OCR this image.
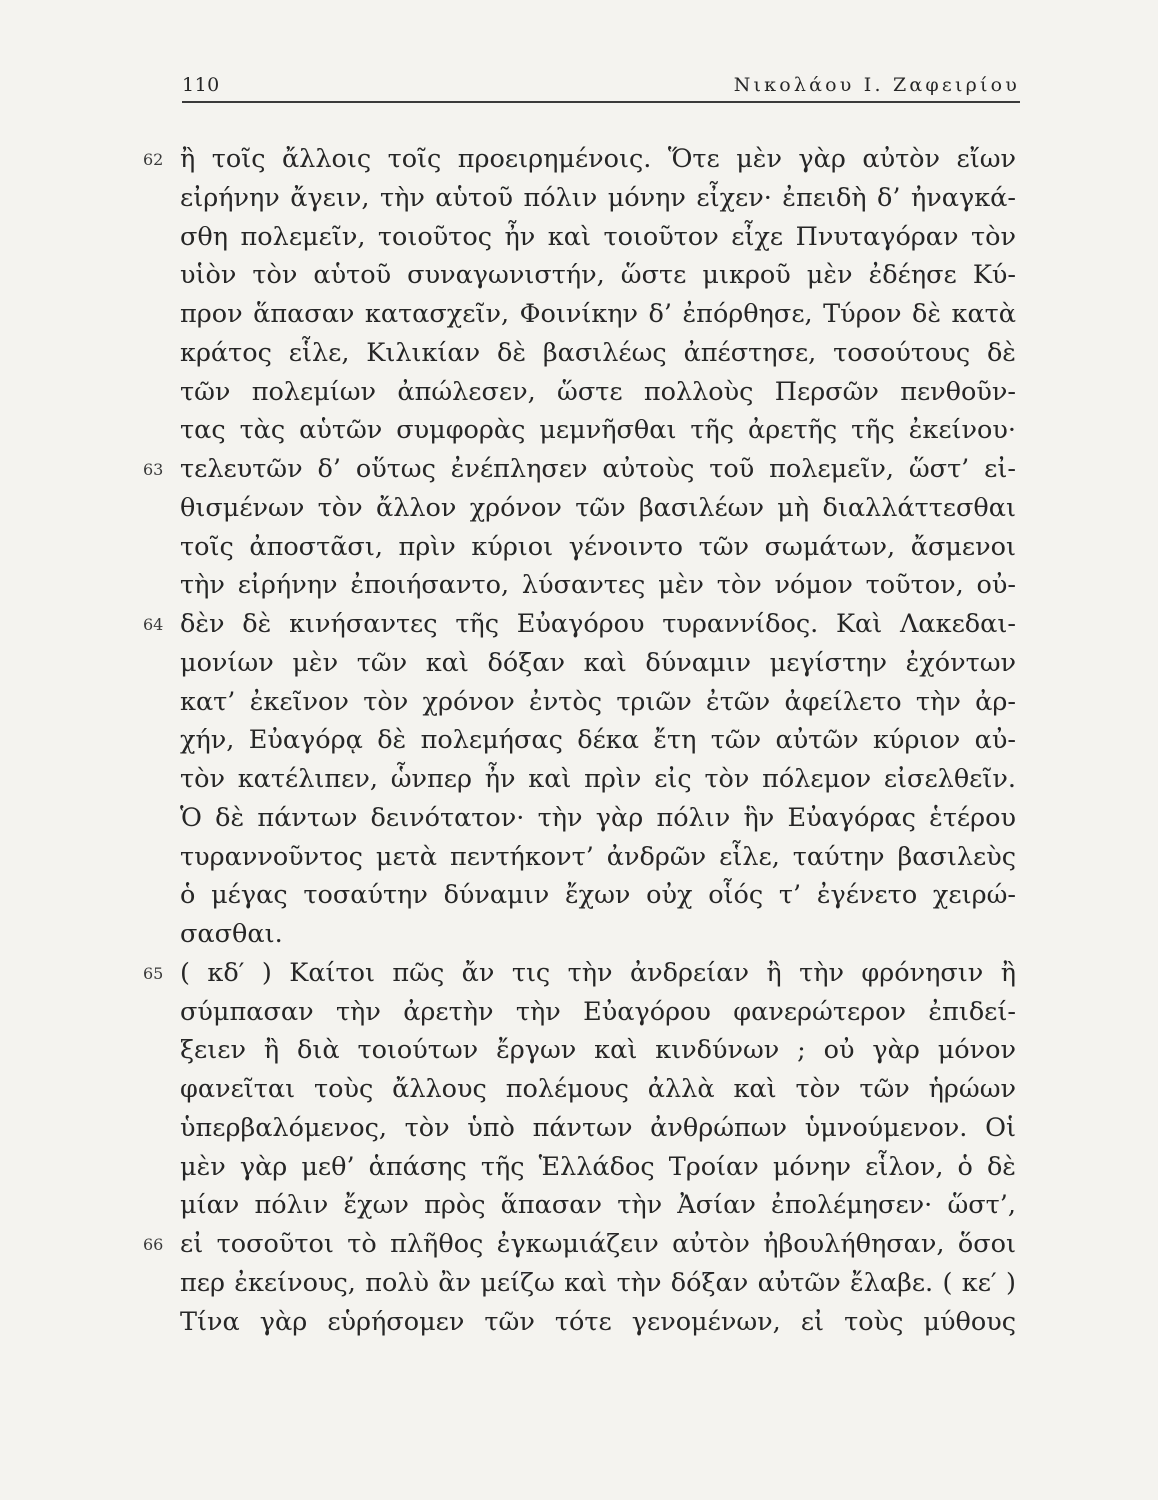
110	Νικολάου Ι. Ζαφειρίου
ἢ τοῖς ἄλλοις τοῖς προειρημένοις. Ὅτε μὲν γὰρ αὐτὸν εἴων
εἰρήνην ἄγειν, τὴν αὑτοῦ πόλιν μόνην εἶχεν· ἐπειδὴ δ’ ἠναγκά-
σθη πολεμεῖν, τοιοῦτος ἦν καὶ τοιοῦτον εἶχε Πνυταγόραν τὸν
υἱὸν τὸν αὑτοῦ συναγωνιστήν, ὥστε μικροῦ μὲν ἐδέησε Κύ-
προν ἅπασαν κατασχεῖν, Φοινίκην δ’ ἐπόρθησε, Τύρον δὲ κατὰ
κράτος εἷλε, Κιλικίαν δὲ βασιλέως ἀπέστησε, τοσούτους δὲ
τῶν πολεμίων ἀπώλεσεν, ὥστε πολλοὺς Περσῶν πενθοῦν-
τας τὰς αὑτῶν συμφορὰς μεμνῆσθαι τῆς ἀρετῆς τῆς ἐκείνου·
τελευτῶν δ’ οὕτως ἐνέπλησεν αὐτοὺς τοῦ πολεμεῖν, ὥστ’ εἰ-
θισμένων τὸν ἄλλον χρόνον τῶν βασιλέων μὴ διαλλάττεσθαι
τοῖς ἀποστᾶσι, πρὶν κύριοι γένοιντο τῶν σωμάτων, ἄσμενοι
τὴν εἰρήνην ἐποιήσαντο, λύσαντες μὲν τὸν νόμον τοῦτον, οὐ-
δὲν δὲ κινήσαντες τῆς Εὐαγόρου τυραννίδος. Καὶ Λακεδαι-
μονίων μὲν τῶν καὶ δόξαν καὶ δύναμιν μεγίστην ἐχόντων
κατ’ ἐκεῖνον τὸν χρόνον ἐντὸς τριῶν ἐτῶν ἀφείλετο τὴν ἀρ-
χήν, Εὐαγόρᾳ δὲ πολεμήσας δέκα ἔτη τῶν αὐτῶν κύριον αὐ-
τὸν κατέλιπεν, ὧνπερ ἦν καὶ πρὶν εἰς τὸν πόλεμον εἰσελθεῖν.
Ὁ δὲ πάντων δεινότατον· τὴν γὰρ πόλιν ἣν Εὐαγόρας ἑτέρου
τυραννοῦντος μετὰ πεντήκοντ’ ἀνδρῶν εἷλε, ταύτην βασιλεὺς
ὁ μέγας τοσαύτην δύναμιν ἔχων οὐχ οἷός τ’ ἐγένετο χειρώ-
σασθαι.
( κδ′ ) Καίτοι πῶς ἄν τις τὴν ἀνδρείαν ἢ τὴν φρόνησιν ἢ
σύμπασαν τὴν ἀρετὴν τὴν Εὐαγόρου φανερώτερον ἐπιδεί-
ξειεν ἢ διὰ τοιούτων ἔργων καὶ κινδύνων ; οὐ γὰρ μόνον
φανεῖται τοὺς ἄλλους πολέμους ἀλλὰ καὶ τὸν τῶν ἡρώων
ὑπερβαλόμενος, τὸν ὑπὸ πάντων ἀνθρώπων ὑμνούμενον. Οἱ
μὲν γὰρ μεθ’ ἁπάσης τῆς Ἑλλάδος Τροίαν μόνην εἷλον, ὁ δὲ
μίαν πόλιν ἔχων πρὸς ἅπασαν τὴν Ἀσίαν ἐπολέμησεν· ὥστ’,
εἰ τοσοῦτοι τὸ πλῆθος ἐγκωμιάζειν αὐτὸν ἠβουλήθησαν, ὅσοι
περ ἐκείνους, πολὺ ἂν μείζω καὶ τὴν δόξαν αὐτῶν ἔλαβε. ( κε′ )
Τίνα γὰρ εὑρήσομεν τῶν τότε γενομένων, εἰ τοὺς μύθους
62
63
64
65
66
